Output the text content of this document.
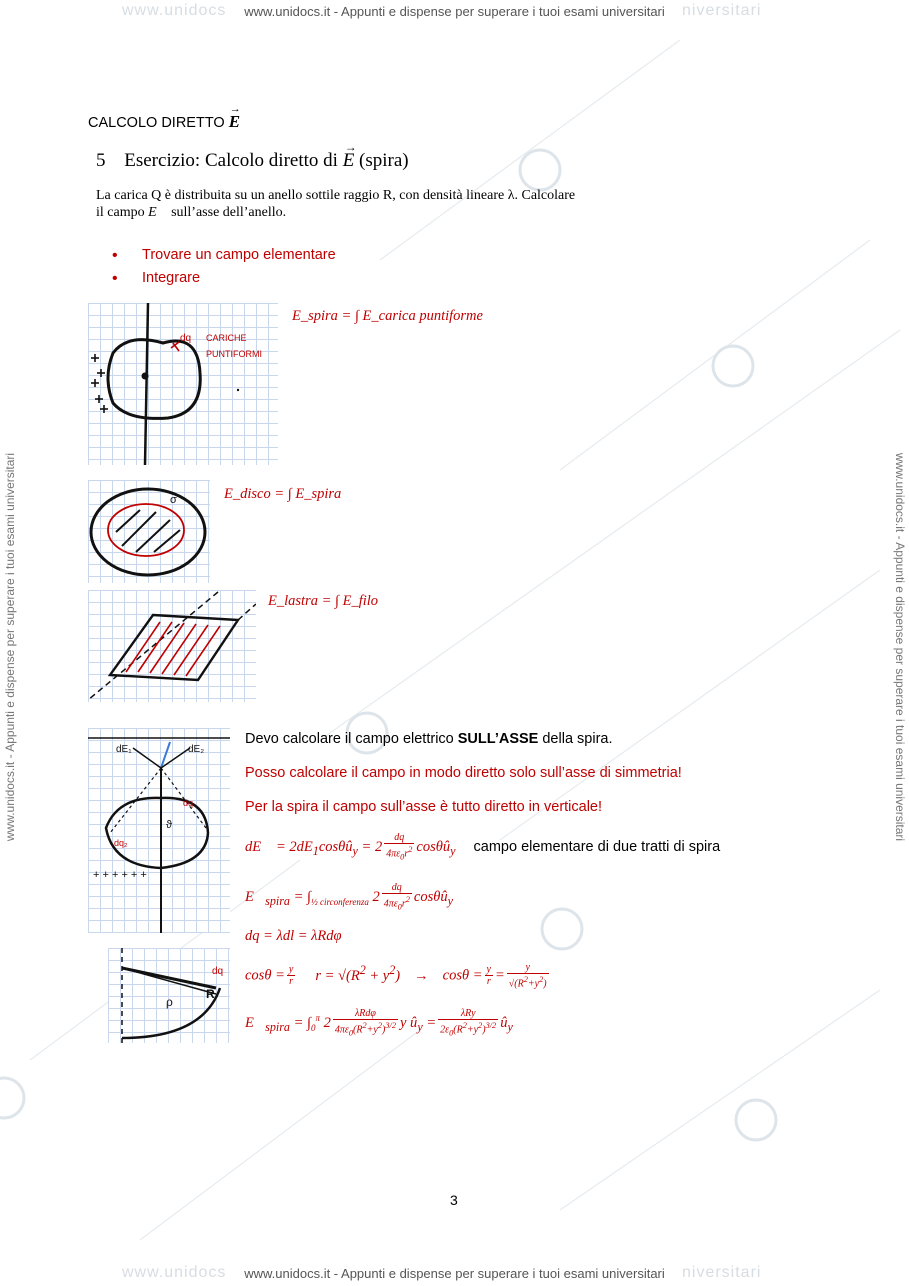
www.unidocs	niversitari
www.unidocs.it - Appunti e dispense per superare i tuoi esami universitari
www.unidocs.it - Appunti e dispense per superare i tuoi esami universitari	www.unidocs.it - Appunti e dispense per superare i tuoi esami universitari
CALCOLO DIRETTO E
→
5 Esercizio: Calcolo diretto di E
→
(spira)
La carica Q è distribuita su un anello sottile raggio R, con densità lineare λ. Calcolare
il campo E⃗ sull’asse dell’anello.
• Trovare un campo elementare
• Integrare
dq CARICHE
PUNTIFORMI
E_spira = ∫ E_carica puntiforme
σ	E_disco = ∫ E_spira
E_lastra = ∫ E_filo
dE₁	dE₂
ϑ
dq₂
dq
+ + + + + +
ρ
R
dq
Devo calcolare il campo elettrico SULL’ASSE della spira.
Posso calcolare il campo in modo diretto solo sull’asse di simmetria!
Per la spira il campo sull’asse è tutto diretto in verticale!
dE⃗ = $2dE_1\cos\theta û_y = 2 \frac{dq}{4\pi\varepsilon_0r^2}$ cosθû$_y$ campo elementare di due tratti di spira
$E⃗_{spira} = \int_{\frac{1}{2} circonferenza}$ $2 \frac{dq}{4\pi\varepsilon_0r^2}$ cosθû$_y$
dq = λdl = λRdφ
$\cos\theta = \frac{y}{r}$ $r = √(R^2 + y^2) \to \cos\theta = \frac{y}{r} = \frac{y}{√(R^2+y^2)}$
$E⃗_{spira} = \int_0^\pi$ $2 \frac{\text{λRdφ}}{4\pi\varepsilon_0(R^2+y^2)^{3/2}}$ y $û_y = \frac{\text{λRy}}{2\varepsilon_0(R^2+y^2)^{3/2}}$ $û_y$
3
www.unidocs	niversitari
www.unidocs.it - Appunti e dispense per superare i tuoi esami universitari
